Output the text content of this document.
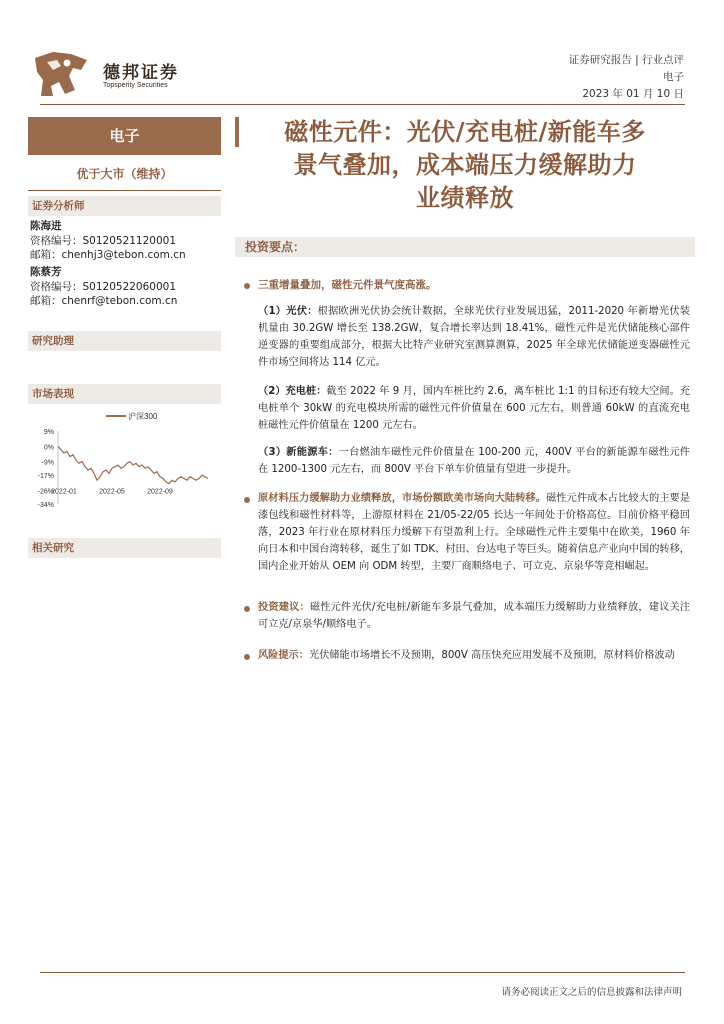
德邦证券
Topsperity Securities
证券研究报告 | 行业点评
电子
2023 年 01 月 10 日
电子
优于大市（维持）
证券分析师
陈海进
资格编号：S0120521120001
邮箱：chenhj3@tebon.com.cn
陈蔡芳
资格编号：S0120522060001
邮箱：chenrf@tebon.com.cn
研究助理
市场表现
沪深300
9%
0%
-9%
-17%
-26%
-34%
2022-01	2022-05	2022-09
相关研究
磁性元件：光伏/充电桩/新能车多
景气叠加，成本端压力缓解助力
业绩释放
投资要点：
三重增量叠加，磁性元件景气度高涨。
（1）光伏：根据欧洲光伏协会统计数据，全球光伏行业发展迅猛，2011-2020 年新增光伏装机量由 30.2GW 增长至 138.2GW，复合增长率达到 18.41%，磁性元件是光伏储能核心部件逆变器的重要组成部分，根据大比特产业研究室测算测算，2025 年全球光伏储能逆变器磁性元件市场空间将达 114 亿元。
（2）充电桩：截至 2022 年 9 月，国内车桩比约 2.6，离车桩比 1:1 的目标还有较大空间。充电桩单个 30kW 的充电模块所需的磁性元件价值量在 600 元左右，则普通 60kW 的直流充电桩磁性元件价值量在 1200 元左右。
（3）新能源车：一台燃油车磁性元件价值量在 100-200 元，400V 平台的新能源车磁性元件在 1200-1300 元左右，而 800V 平台下单车价值量有望进一步提升。
原材料压力缓解助力业绩释放，市场份额欧美市场向大陆转移。磁性元件成本占比较大的主要是漆包线和磁性材料等，上游原材料在 21/05-22/05 长达一年间处于价格高位。目前价格平稳回落，2023 年行业在原材料压力缓解下有望盈利上行。全球磁性元件主要集中在欧美，1960 年向日本和中国台湾转移，诞生了如 TDK、村田、台达电子等巨头。随着信息产业向中国的转移，国内企业开始从 OEM 向 ODM 转型，主要厂商顺络电子、可立克、京泉华等竞相崛起。
投资建议：磁性元件光伏/充电桩/新能车多景气叠加，成本端压力缓解助力业绩释放，建议关注可立克/京泉华/顺络电子。
风险提示：光伏储能市场增长不及预期，800V 高压快充应用发展不及预期，原材料价格波动
请务必阅读正文之后的信息披露和法律声明
